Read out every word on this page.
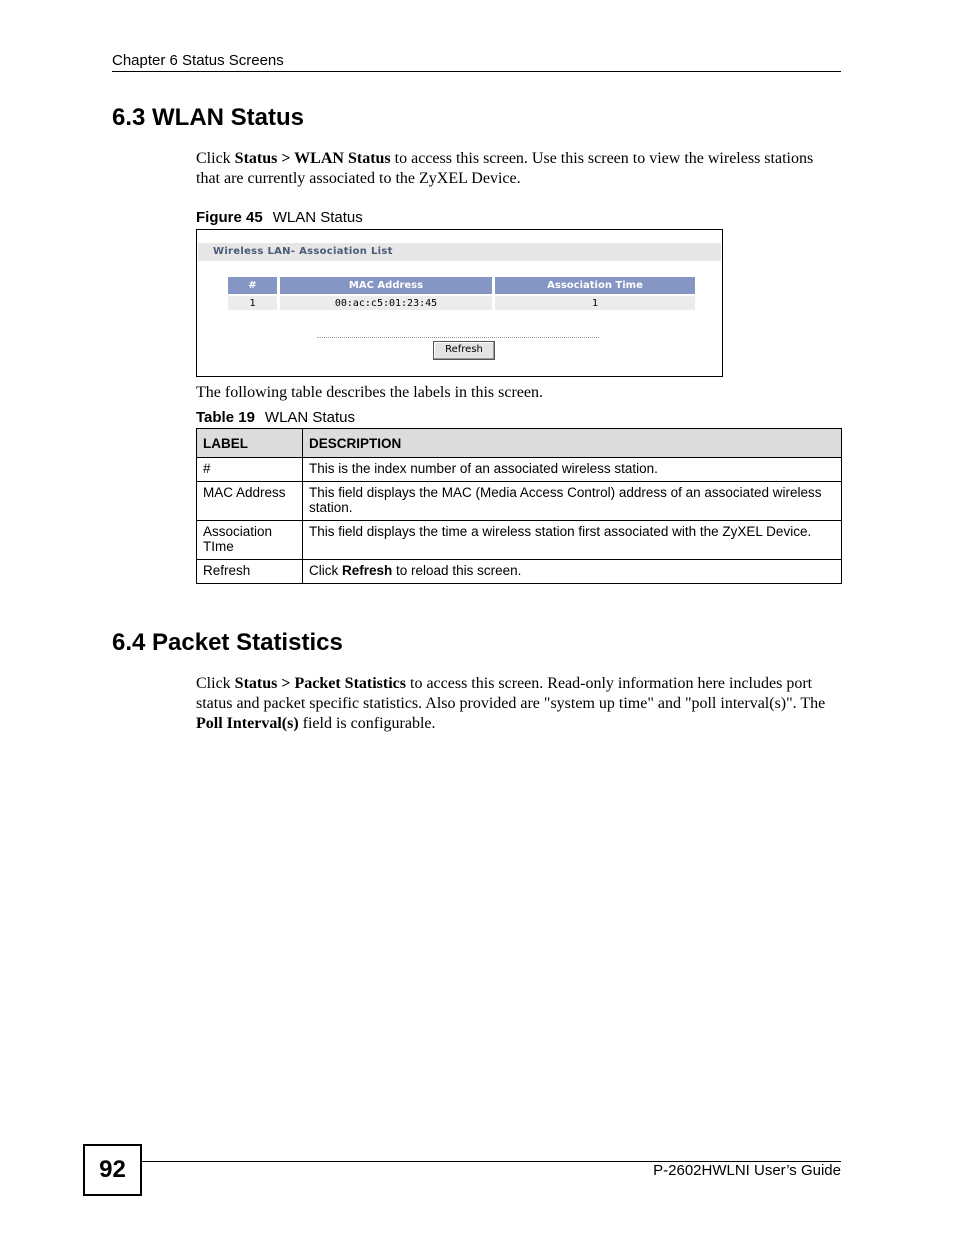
Chapter 6 Status Screens
6.3 WLAN Status
Click Status > WLAN Status to access this screen. Use this screen to view the wireless stations that are currently associated to the ZyXEL Device.
Figure 45 WLAN Status
Wireless LAN- Association List
#	MAC Address	Association Time
1	00:ac:c5:01:23:45	1
Refresh
The following table describes the labels in this screen.
Table 19 WLAN Status
LABEL	DESCRIPTION
#	This is the index number of an associated wireless station.
MAC Address	This field displays the MAC (Media Access Control) address of an associated wireless station.
Association TIme	This field displays the time a wireless station first associated with the ZyXEL Device.
Refresh	Click Refresh to reload this screen.
6.4 Packet Statistics
Click Status > Packet Statistics to access this screen. Read-only information here includes port status and packet specific statistics. Also provided are "system up time" and "poll interval(s)". The Poll Interval(s) field is configurable.
92	P-2602HWLNI User’s Guide
